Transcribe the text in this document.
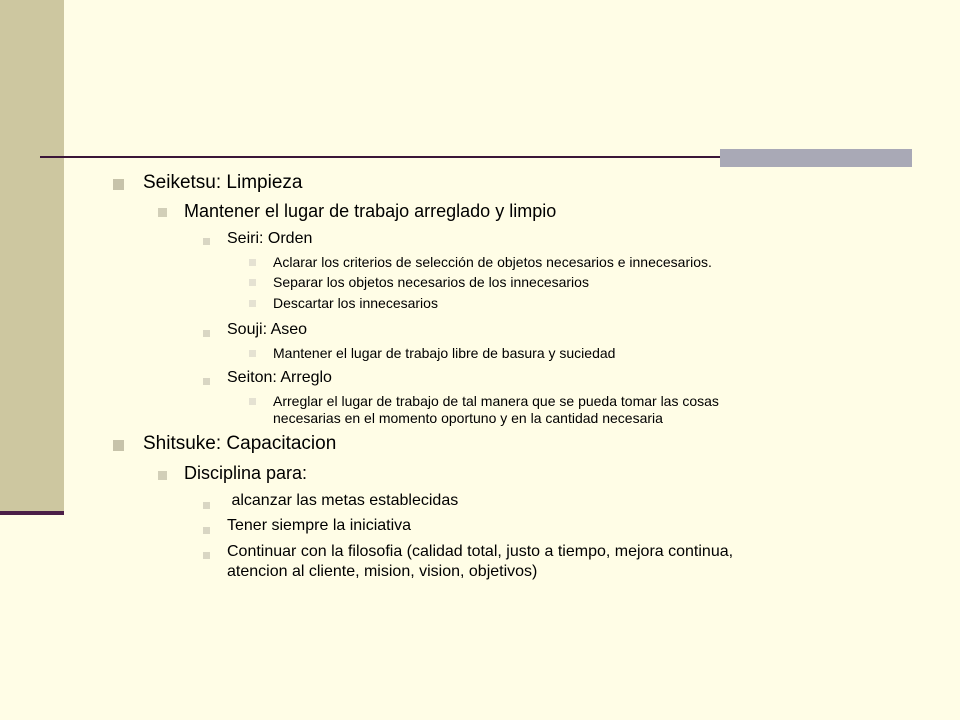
Seiketsu: Limpieza
Mantener el lugar de trabajo arreglado y limpio
Seiri: Orden
Aclarar los criterios de selección de objetos necesarios e innecesarios.
Separar los objetos necesarios de los innecesarios
Descartar los innecesarios
Souji: Aseo
Mantener el lugar de trabajo libre de basura y suciedad
Seiton: Arreglo
Arreglar el lugar de trabajo de tal manera que se pueda tomar las cosas
necesarias en el momento oportuno y en la cantidad necesaria
Shitsuke: Capacitacion
Disciplina para:
alcanzar las metas establecidas
Tener siempre la iniciativa
Continuar con la filosofia (calidad total, justo a tiempo, mejora continua,
atencion al cliente, mision, vision, objetivos)
